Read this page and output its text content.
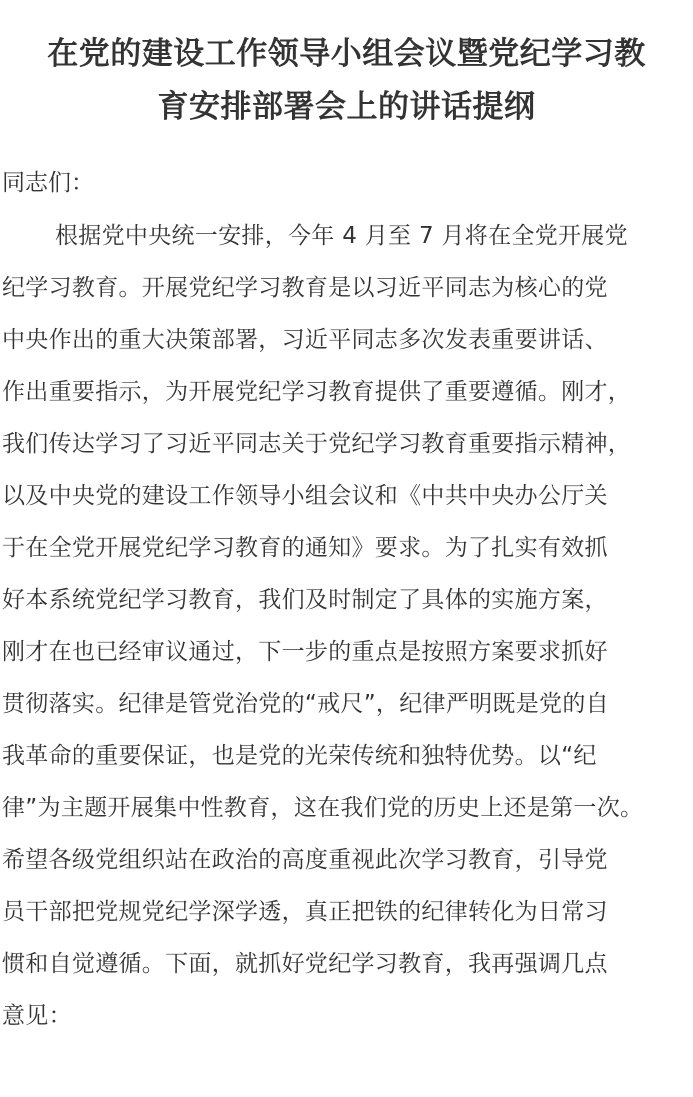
在党的建设工作领导小组会议暨党纪学习教
育安排部署会上的讲话提纲
同志们：
根据党中央统一安排，今年 4 月至 7 月将在全党开展党
纪学习教育。开展党纪学习教育是以习近平同志为核心的党
中央作出的重大决策部署，习近平同志多次发表重要讲话、
作出重要指示，为开展党纪学习教育提供了重要遵循。刚才，
我们传达学习了习近平同志关于党纪学习教育重要指示精神，
以及中央党的建设工作领导小组会议和《中共中央办公厅关
于在全党开展党纪学习教育的通知》要求。为了扎实有效抓
好本系统党纪学习教育，我们及时制定了具体的实施方案，
刚才在也已经审议通过，下一步的重点是按照方案要求抓好
贯彻落实。纪律是管党治党的“戒尺”，纪律严明既是党的自
我革命的重要保证，也是党的光荣传统和独特优势。以“纪
律”为主题开展集中性教育，这在我们党的历史上还是第一次。
希望各级党组织站在政治的高度重视此次学习教育，引导党
员干部把党规党纪学深学透，真正把铁的纪律转化为日常习
惯和自觉遵循。下面，就抓好党纪学习教育，我再强调几点
意见：
